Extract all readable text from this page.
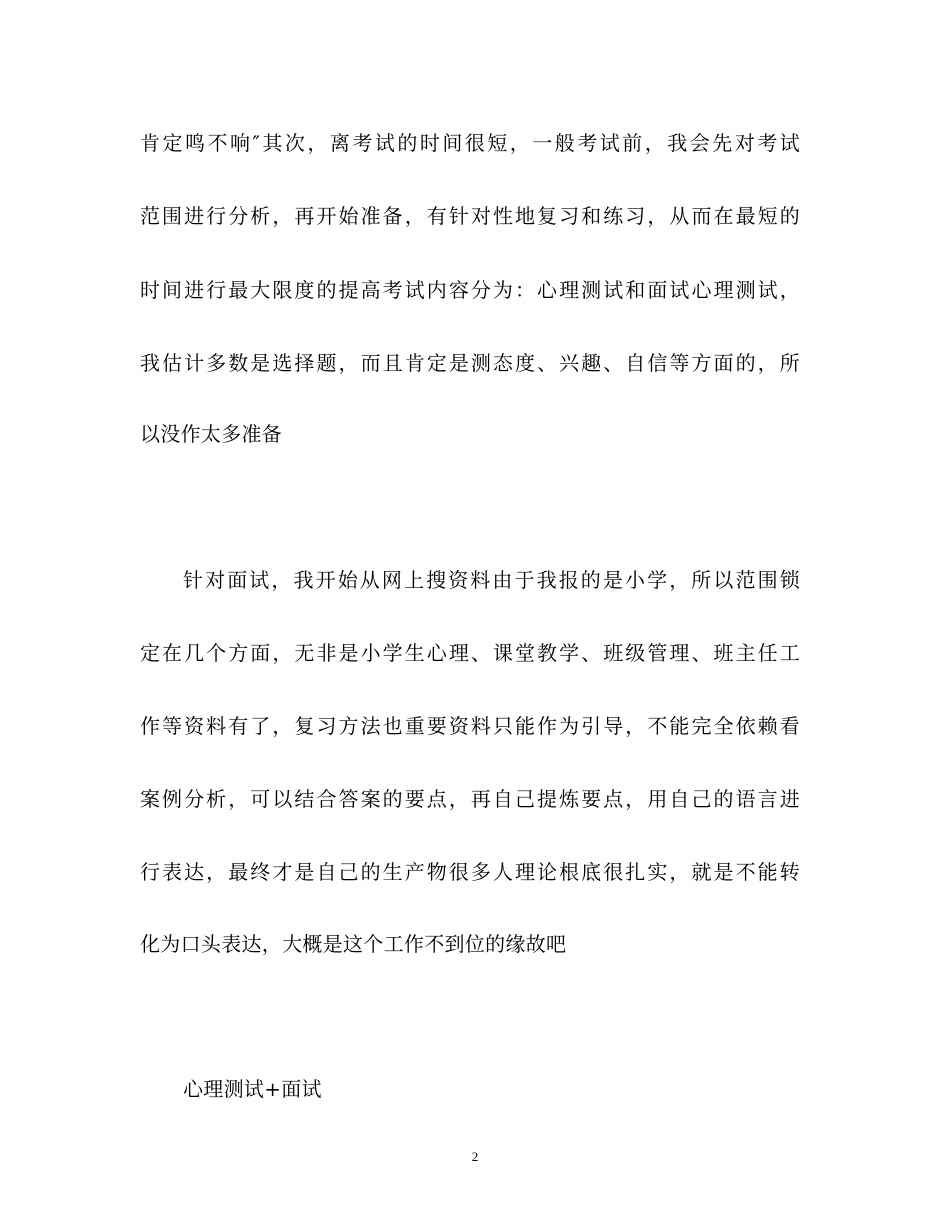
肯定鸣不响″其次，离考试的时间很短，一般考试前，我会先对考试
范围进行分析，再开始准备，有针对性地复习和练习，从而在最短的
时间进行最大限度的提高考试内容分为：心理测试和面试心理测试，
我估计多数是选择题，而且肯定是测态度、兴趣、自信等方面的，所
以没作太多准备
针对面试，我开始从网上搜资料由于我报的是小学，所以范围锁
定在几个方面，无非是小学生心理、课堂教学、班级管理、班主任工
作等资料有了，复习方法也重要资料只能作为引导，不能完全依赖看
案例分析，可以结合答案的要点，再自己提炼要点，用自己的语言进
行表达，最终才是自己的生产物很多人理论根底很扎实，就是不能转
化为口头表达，大概是这个工作不到位的缘故吧
心理测试+面试
2
